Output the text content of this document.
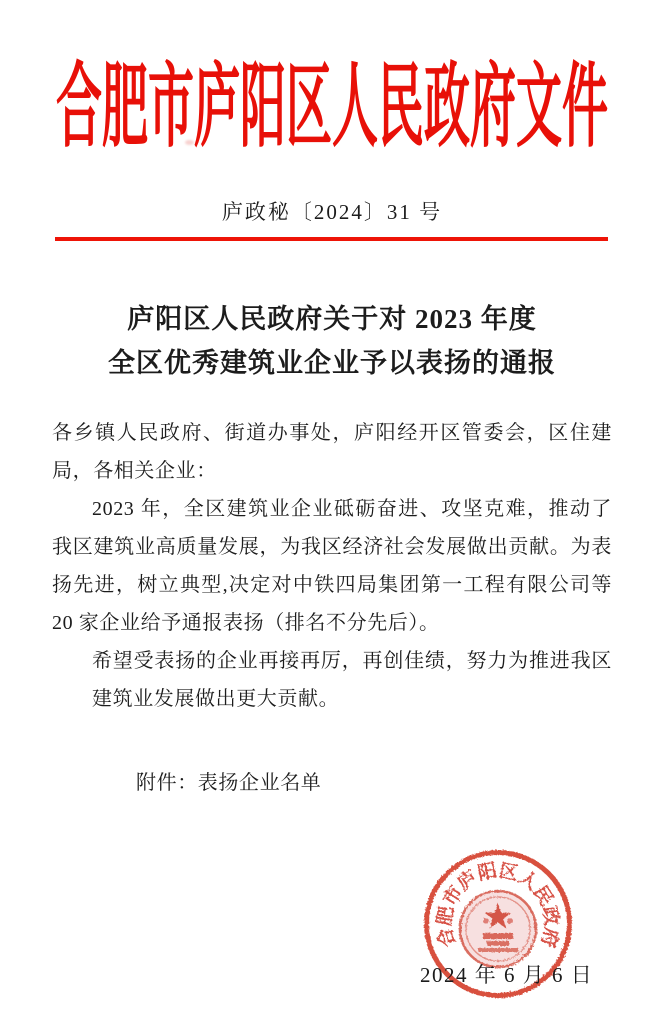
合肥市庐阳区人民政府文件
庐政秘〔2024〕31 号
庐阳区人民政府关于对 2023 年度
全区优秀建筑业企业予以表扬的通报

各乡镇人民政府、街道办事处，庐阳经开区管委会，区住建局，各相关企业：

2023 年，全区建筑业企业砥砺奋进、攻坚克难，推动了我区建筑业高质量发展，为我区经济社会发展做出贡献。为表扬先进，树立典型,决定对中铁四局集团第一工程有限公司等 20 家企业给予通报表扬（排名不分先后）。

希望受表扬的企业再接再厉，再创佳绩，努力为推进我区建筑业发展做出更大贡献。

附件：表扬企业名单
合肥市庐阳区人民政府
2024 年 6 月 6 日
